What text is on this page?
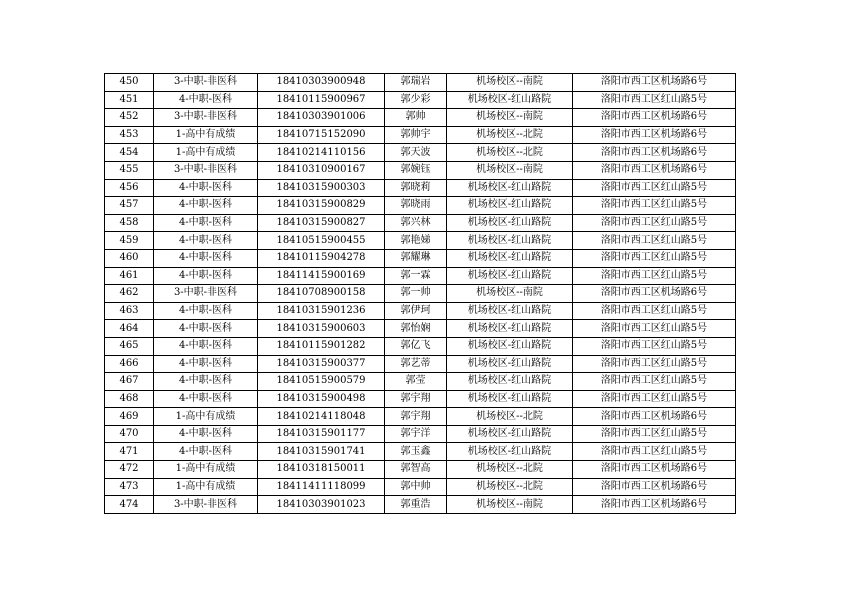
450	3-中职-非医科	18410303900948	郭瑞岩	机场校区--南院	洛阳市西工区机场路6号
451	4-中职-医科	18410115900967	郭少彩	机场校区-红山路院	洛阳市西工区红山路5号
452	3-中职-非医科	18410303901006	郭帅	机场校区--南院	洛阳市西工区机场路6号
453	1-高中有成绩	18410715152090	郭帅宇	机场校区--北院	洛阳市西工区机场路6号
454	1-高中有成绩	18410214110156	郭天波	机场校区--北院	洛阳市西工区机场路6号
455	3-中职-非医科	18410310900167	郭婉钰	机场校区--南院	洛阳市西工区机场路6号
456	4-中职-医科	18410315900303	郭晓莉	机场校区-红山路院	洛阳市西工区红山路5号
457	4-中职-医科	18410315900829	郭晓雨	机场校区-红山路院	洛阳市西工区红山路5号
458	4-中职-医科	18410315900827	郭兴林	机场校区-红山路院	洛阳市西工区红山路5号
459	4-中职-医科	18410515900455	郭艳娣	机场校区-红山路院	洛阳市西工区红山路5号
460	4-中职-医科	18410115904278	郭耀琳	机场校区-红山路院	洛阳市西工区红山路5号
461	4-中职-医科	18411415900169	郭一霖	机场校区-红山路院	洛阳市西工区红山路5号
462	3-中职-非医科	18410708900158	郭一帅	机场校区--南院	洛阳市西工区机场路6号
463	4-中职-医科	18410315901236	郭伊珂	机场校区-红山路院	洛阳市西工区红山路5号
464	4-中职-医科	18410315900603	郭怡娴	机场校区-红山路院	洛阳市西工区红山路5号
465	4-中职-医科	18410115901282	郭亿飞	机场校区-红山路院	洛阳市西工区红山路5号
466	4-中职-医科	18410315900377	郭艺蒂	机场校区-红山路院	洛阳市西工区红山路5号
467	4-中职-医科	18410515900579	郭莹	机场校区-红山路院	洛阳市西工区红山路5号
468	4-中职-医科	18410315900498	郭宇翔	机场校区-红山路院	洛阳市西工区红山路5号
469	1-高中有成绩	18410214118048	郭宇翔	机场校区--北院	洛阳市西工区机场路6号
470	4-中职-医科	18410315901177	郭宇洋	机场校区-红山路院	洛阳市西工区红山路5号
471	4-中职-医科	18410315901741	郭玉鑫	机场校区-红山路院	洛阳市西工区红山路5号
472	1-高中有成绩	18410318150011	郭智高	机场校区--北院	洛阳市西工区机场路6号
473	1-高中有成绩	18411411118099	郭中帅	机场校区--北院	洛阳市西工区机场路6号
474	3-中职-非医科	18410303901023	郭重浩	机场校区--南院	洛阳市西工区机场路6号
